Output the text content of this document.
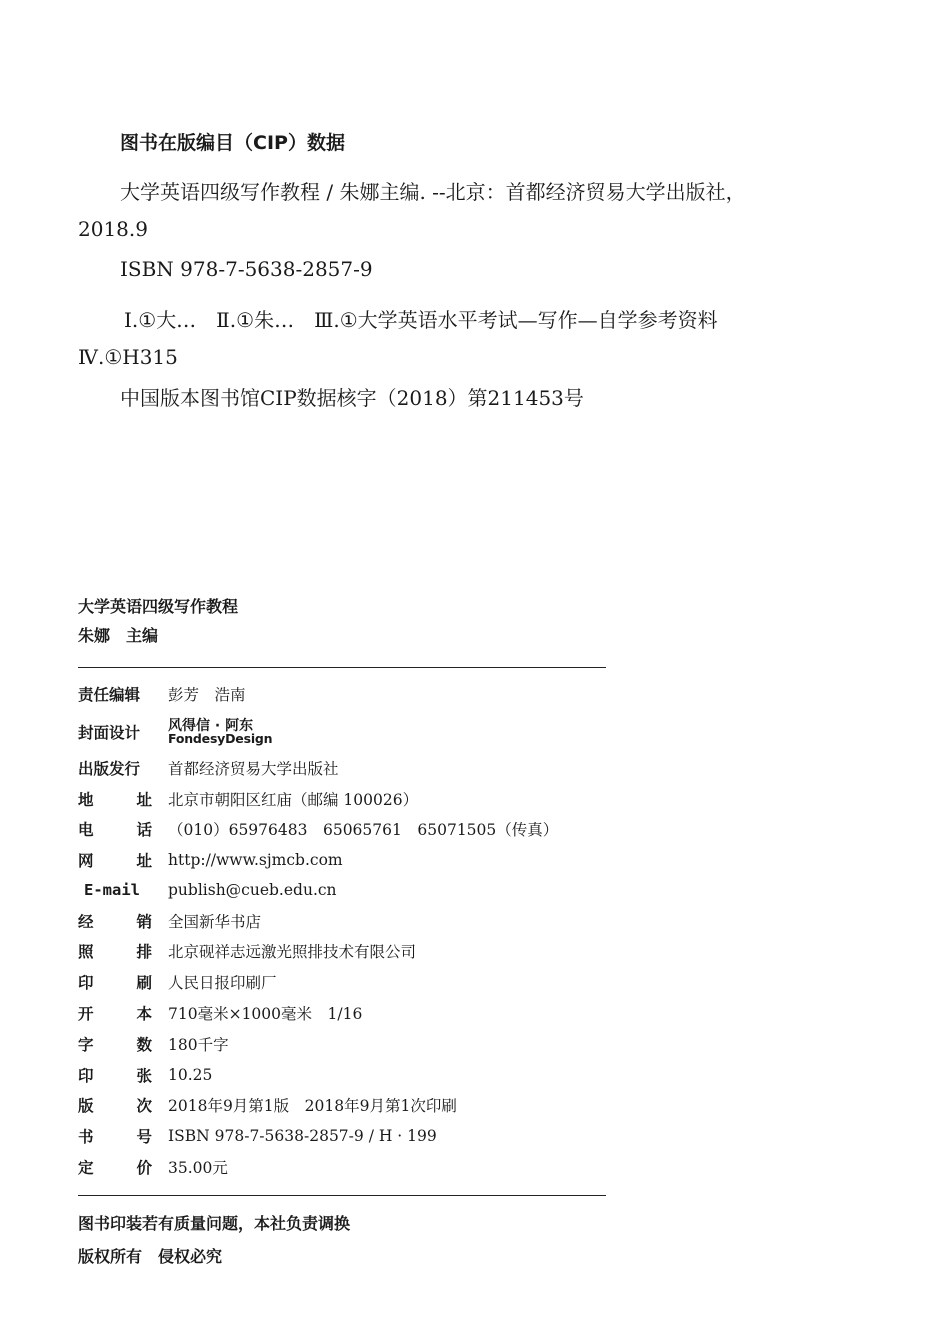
图书在版编目（CIP）数据
大学英语四级写作教程 / 朱娜主编. --北京：首都经济贸易大学出版社，
2018.9
ISBN 978-7-5638-2857-9
Ⅰ.①大…　Ⅱ.①朱…　Ⅲ.①大学英语水平考试—写作—自学参考资料
Ⅳ.①H315
中国版本图书馆CIP数据核字（2018）第211453号
大学英语四级写作教程
朱娜　主编
责任编辑	彭芳　浩南
封面设计	风得信 · 阿东
FondesyDesign
出版发行	首都经济贸易大学出版社
地	址 北京市朝阳区红庙（邮编 100026）
电	话 （010）65976483　65065761　65071505（传真）
网	址 http://www.sjmcb.com
E-mail	publish@cueb.edu.cn
经	销 全国新华书店
照	排 北京砚祥志远激光照排技术有限公司
印	刷 人民日报印刷厂
开	本 710毫米×1000毫米　1/16
字	数 180千字
印	张 10.25
版	次 2018年9月第1版　2018年9月第1次印刷
书	号 ISBN 978-7-5638-2857-9 / H · 199
定	价 35.00元
图书印装若有质量问题，本社负责调换
版权所有　侵权必究
